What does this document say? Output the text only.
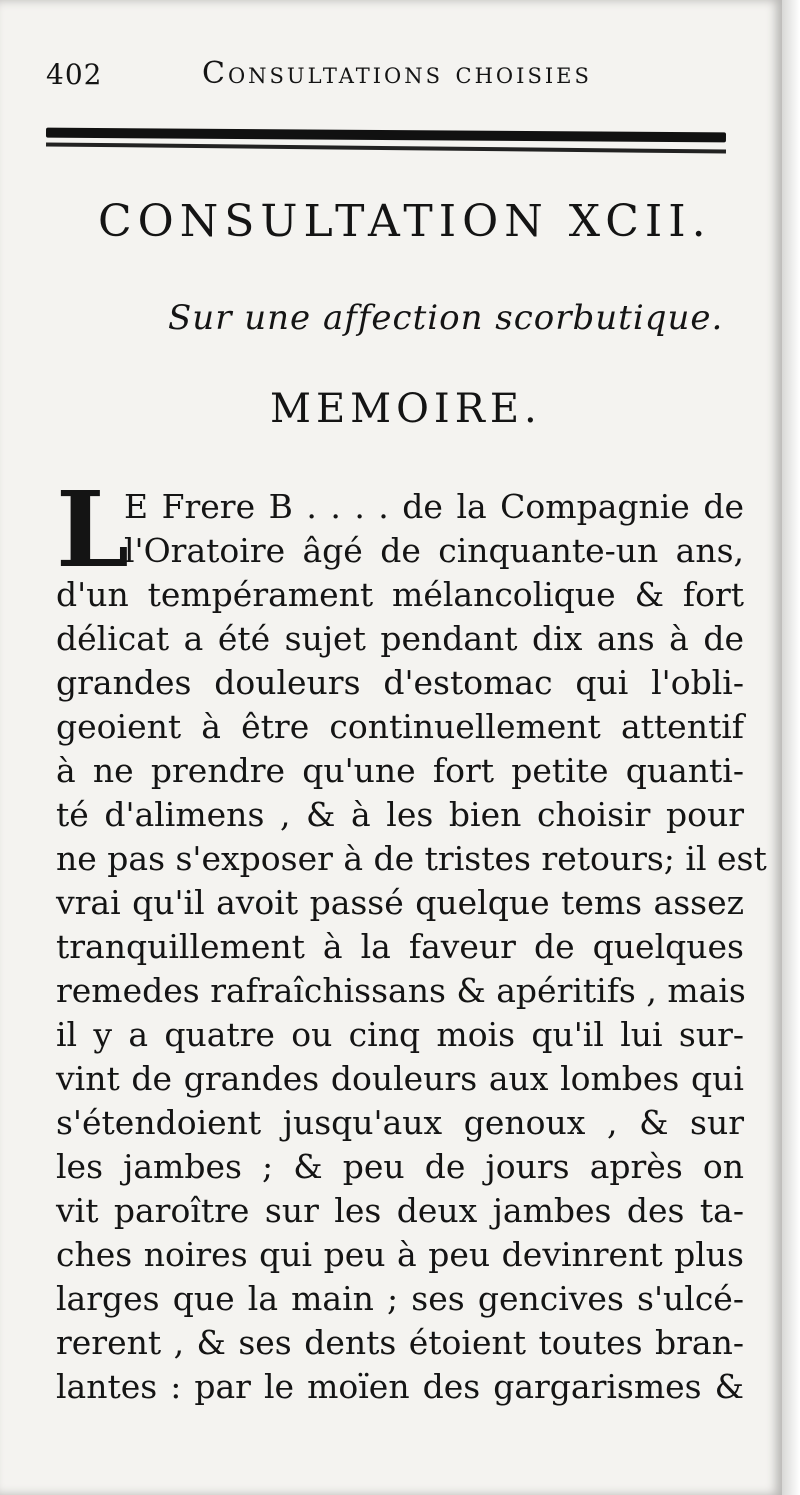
402	Consultations choisies
CONSULTATION XCII.
Sur une affection scorbutique.
MEMOIRE.
L
E Frere B . . . . de la Compagnie de
l'Oratoire âgé de cinquante-un ans,
d'un tempérament mélancolique & fort
délicat a été sujet pendant dix ans à de
grandes douleurs d'estomac qui l'obli-
geoient à être continuellement attentif
à ne prendre qu'une fort petite quanti-
té d'alimens , & à les bien choisir pour
ne pas s'exposer à de tristes retours; il est
vrai qu'il avoit passé quelque tems assez
tranquillement à la faveur de quelques
remedes rafraîchissans & apéritifs , mais
il y a quatre ou cinq mois qu'il lui sur-
vint de grandes douleurs aux lombes qui
s'étendoient jusqu'aux genoux , & sur
les jambes ; & peu de jours après on
vit paroître sur les deux jambes des ta-
ches noires qui peu à peu devinrent plus
larges que la main ; ses gencives s'ulcé-
rerent , & ses dents étoient toutes bran-
lantes : par le moïen des gargarismes &
